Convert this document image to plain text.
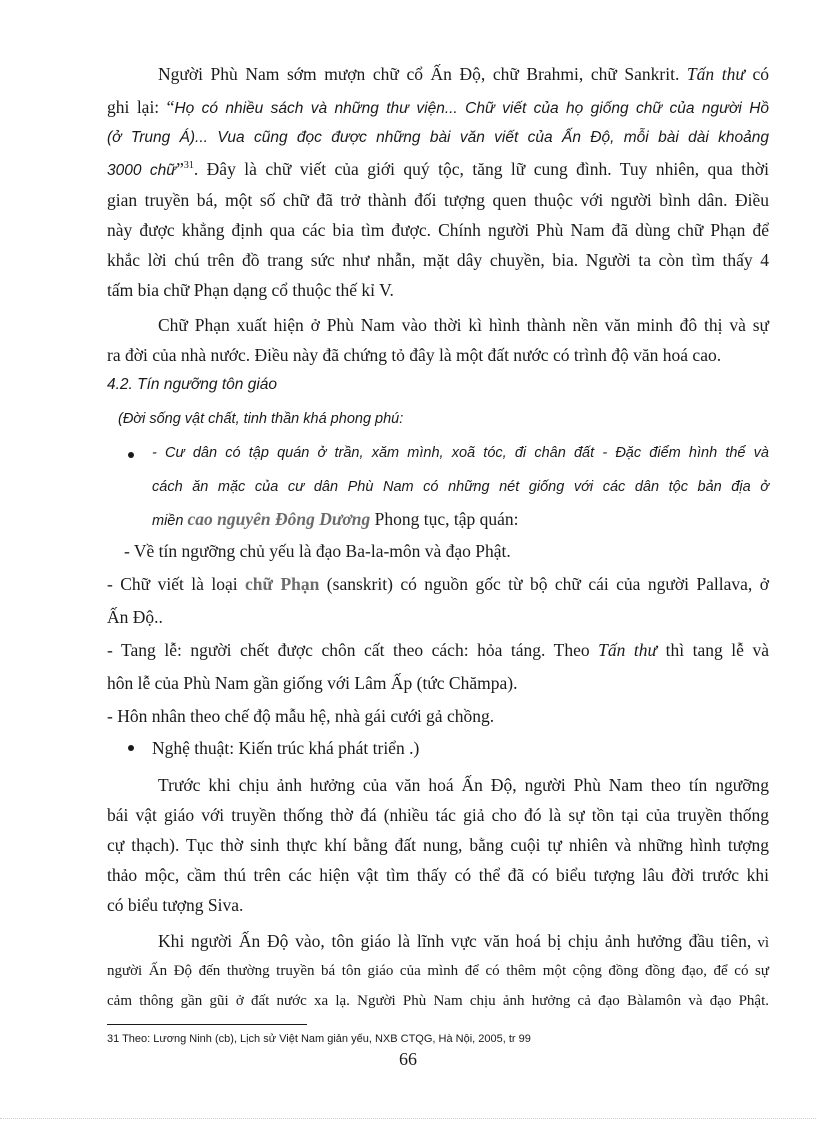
Người Phù Nam sớm mượn chữ cổ Ấn Độ, chữ Brahmi, chữ Sankrit. Tấn thư có
ghi lại: “Họ có nhiều sách và những thư viện... Chữ viết của họ giống chữ của người Hồ
(ở Trung Á)... Vua cũng đọc được những bài văn viết của Ấn Độ, mỗi bài dài khoảng
3000 chữ”$^{31}$. Đây là chữ viết của giới quý tộc, tăng lữ cung đình. Tuy nhiên, qua thời
gian truyền bá, một số chữ đã trở thành đối tượng quen thuộc với người bình dân. Điều
này được khẳng định qua các bia tìm được. Chính người Phù Nam đã dùng chữ Phạn để
khắc lời chú trên đồ trang sức như nhẫn, mặt dây chuyền, bia. Người ta còn tìm thấy 4
tấm bia chữ Phạn dạng cổ thuộc thế kỉ V.
Chữ Phạn xuất hiện ở Phù Nam vào thời kì hình thành nền văn minh đô thị và sự
ra đời của nhà nước. Điều này đã chứng tỏ đây là một đất nước có trình độ văn hoá cao.
4.2. Tín ngưỡng tôn giáo
(Đời sống vật chất, tinh thần khá phong phú:
- Cư dân có tập quán ở trần, xăm mình, xoã tóc, đi chân đất - Đặc điểm hình thể và
cách ăn mặc của cư dân Phù Nam có những nét giống với các dân tộc bản địa ở
miền cao nguyên Đông Dương Phong tục, tập quán:
- Về tín ngưỡng chủ yếu là đạo Ba-la-môn và đạo Phật.
- Chữ viết là loại chữ Phạn (sanskrit) có nguồn gốc từ bộ chữ cái của người Pallava, ở
Ấn Độ..
- Tang lễ: người chết được chôn cất theo cách: hỏa táng. Theo Tấn thư thì tang lễ và
hôn lễ của Phù Nam gần giống với Lâm Ấp (tức Chămpa).
- Hôn nhân theo chế độ mẫu hệ, nhà gái cưới gả chồng.
Nghệ thuật: Kiến trúc khá phát triển .)
Trước khi chịu ảnh hưởng của văn hoá Ấn Độ, người Phù Nam theo tín ngưỡng
bái vật giáo với truyền thống thờ đá (nhiều tác giả cho đó là sự tồn tại của truyền thống
cự thạch). Tục thờ sinh thực khí bằng đất nung, bằng cuội tự nhiên và những hình tượng
thảo mộc, cầm thú trên các hiện vật tìm thấy có thể đã có biểu tượng lâu đời trước khi
có biểu tượng Siva.
Khi người Ấn Độ vào, tôn giáo là lĩnh vực văn hoá bị chịu ảnh hưởng đầu tiên, vì
người Ấn Độ đến thường truyền bá tôn giáo của mình để có thêm một cộng đồng đồng đạo, để có sự
cảm thông gần gũi ở đất nước xa lạ. Người Phù Nam chịu ảnh hưởng cả đạo Bàlamôn và đạo Phật.
31 Theo: Lương Ninh (cb), Lịch sử Việt Nam giản yếu, NXB CTQG, Hà Nội, 2005, tr 99
66
